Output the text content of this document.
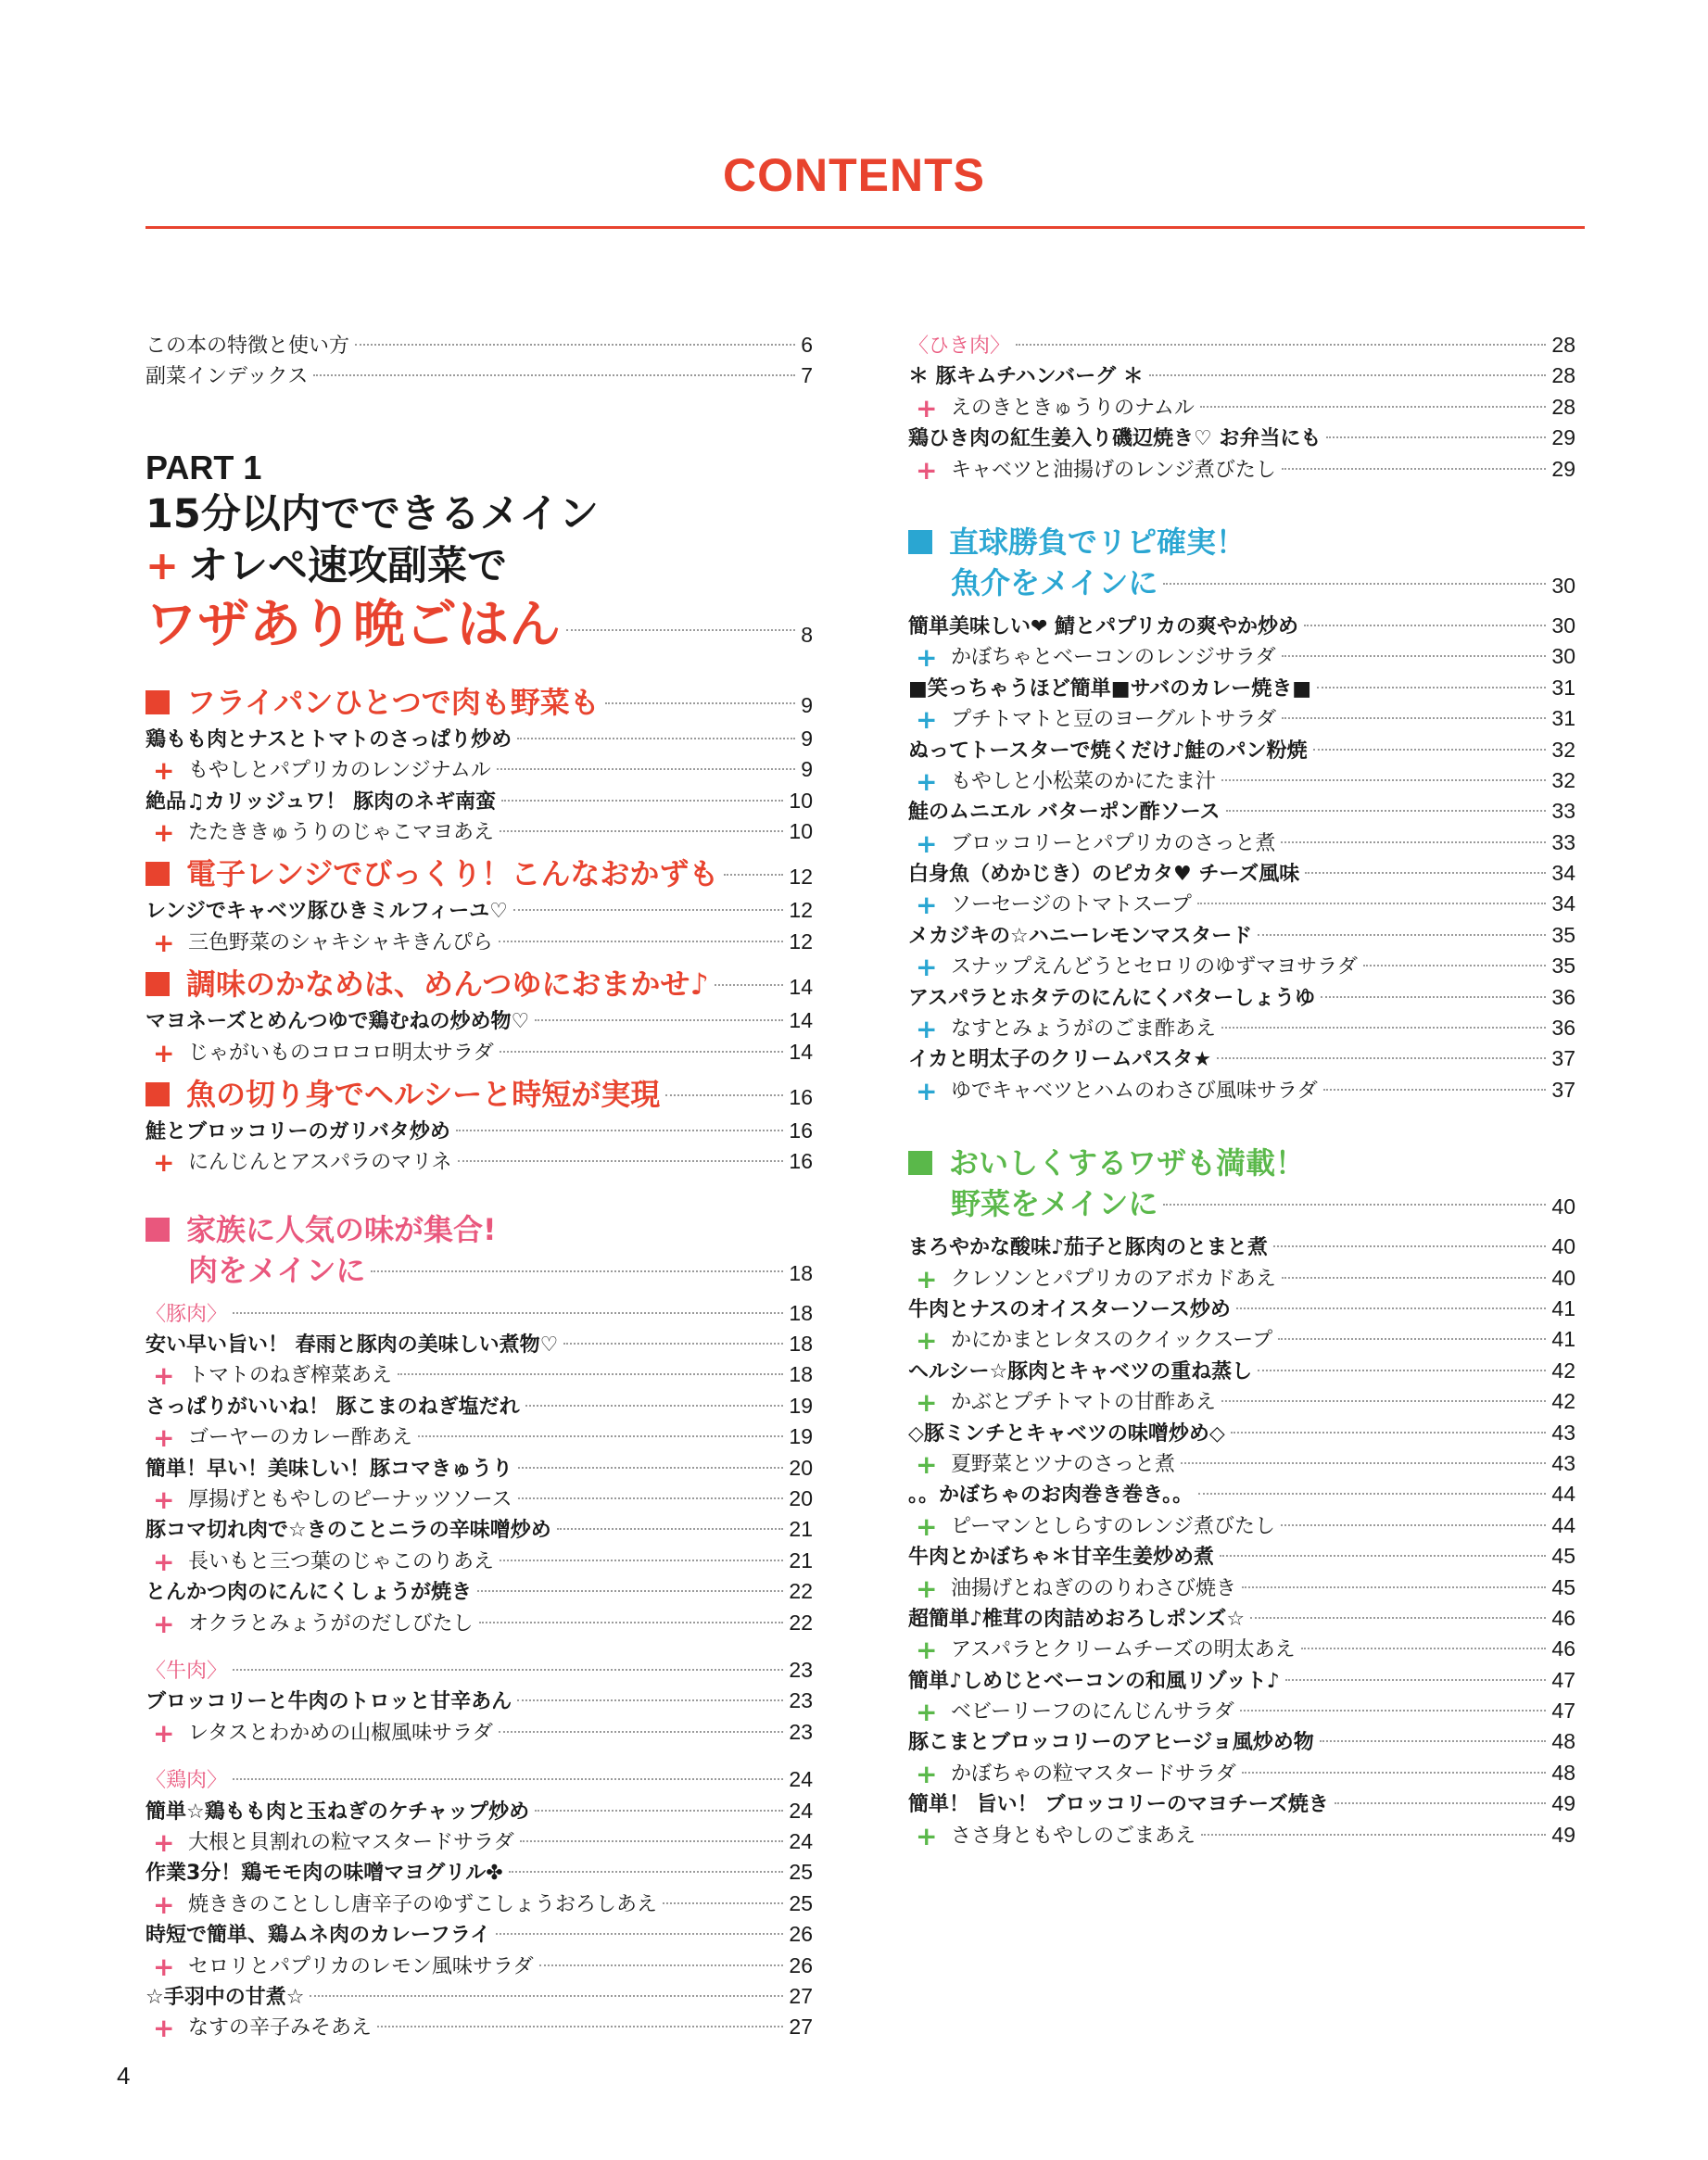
CONTENTS
この本の特徴と使い方	6
副菜インデックス	7
PART 1
15分以内でできるメイン
+ オレペ速攻副菜で
ワザあり晩ごはん	8
フライパンひとつで肉も野菜も	9
鶏もも肉とナスとトマトのさっぱり炒め	9
+ もやしとパプリカのレンジナムル	9
絶品♫カリッジュワ！ 豚肉のネギ南蛮	10
+ たたききゅうりのじゃこマヨあえ	10
電子レンジでびっくり！こんなおかずも	12
レンジでキャベツ豚ひきミルフィーユ♡	12
+ 三色野菜のシャキシャキきんぴら	12
調味のかなめは、めんつゆにおまかせ♪	14
マヨネーズとめんつゆで鶏むねの炒め物♡	14
+ じゃがいものコロコロ明太サラダ	14
魚の切り身でヘルシーと時短が実現	16
鮭とブロッコリーのガリバタ炒め	16
+ にんじんとアスパラのマリネ	16
家族に人気の味が集合!
肉をメインに	18
〈豚肉〉	18
安い早い旨い！ 春雨と豚肉の美味しい煮物♡	18
+ トマトのねぎ榨菜あえ	18
さっぱりがいいね！ 豚こまのねぎ塩だれ	19
+ ゴーヤーのカレー酢あえ	19
簡単！早い！美味しい！豚コマきゅうり	20
+ 厚揚げともやしのピーナッツソース	20
豚コマ切れ肉で☆きのことニラの辛味噌炒め	21
+ 長いもと三つ葉のじゃこのりあえ	21
とんかつ肉のにんにくしょうが焼き	22
+ オクラとみょうがのだしびたし	22
〈牛肉〉	23
ブロッコリーと牛肉のトロッと甘辛あん	23
+ レタスとわかめの山椒風味サラダ	23
〈鶏肉〉	24
簡単☆鶏もも肉と玉ねぎのケチャップ炒め	24
+ 大根と貝割れの粒マスタードサラダ	24
作業3分！鶏モモ肉の味噌マヨグリル✤	25
+ 焼ききのことしし唐辛子のゆずこしょうおろしあえ	25
時短で簡単、鶏ムネ肉のカレーフライ	26
+ セロリとパプリカのレモン風味サラダ	26
☆手羽中の甘煮☆	27
+ なすの辛子みそあえ	27
〈ひき肉〉	28
＊ 豚キムチハンバーグ ＊	28
+ えのきときゅうりのナムル	28
鶏ひき肉の紅生姜入り磯辺焼き♡ お弁当にも	29
+ キャベツと油揚げのレンジ煮びたし	29
直球勝負でリピ確実！
魚介をメインに	30
簡単美味しい❤ 鯖とパプリカの爽やか炒め	30
+ かぼちゃとベーコンのレンジサラダ	30
■笑っちゃうほど簡単■サバのカレー焼き■	31
+ プチトマトと豆のヨーグルトサラダ	31
ぬってトースターで焼くだけ♪鮭のパン粉焼	32
+ もやしと小松菜のかにたま汁	32
鮭のムニエル バターポン酢ソース	33
+ ブロッコリーとパプリカのさっと煮	33
白身魚（めかじき）のピカタ♥ チーズ風味	34
+ ソーセージのトマトスープ	34
メカジキの☆ハニーレモンマスタード	35
+ スナップえんどうとセロリのゆずマヨサラダ	35
アスパラとホタテのにんにくバターしょうゆ	36
+ なすとみょうがのごま酢あえ	36
イカと明太子のクリームパスタ★	37
+ ゆでキャベツとハムのわさび風味サラダ	37
おいしくするワザも満載！
野菜をメインに	40
まろやかな酸味♪茄子と豚肉のとまと煮	40
+ クレソンとパプリカのアボカドあえ	40
牛肉とナスのオイスターソース炒め	41
+ かにかまとレタスのクイックスープ	41
ヘルシー☆豚肉とキャベツの重ね蒸し	42
+ かぶとプチトマトの甘酢あえ	42
◇豚ミンチとキャベツの味噌炒め◇	43
+ 夏野菜とツナのさっと煮	43
。。かぼちゃのお肉巻き巻き。。	44
+ ピーマンとしらすのレンジ煮びたし	44
牛肉とかぼちゃ＊甘辛生姜炒め煮	45
+ 油揚げとねぎののりわさび焼き	45
超簡単♪椎茸の肉詰めおろしポンズ☆	46
+ アスパラとクリームチーズの明太あえ	46
簡単♪しめじとベーコンの和風リゾット♪	47
+ ベビーリーフのにんじんサラダ	47
豚こまとブロッコリーのアヒージョ風炒め物	48
+ かぼちゃの粒マスタードサラダ	48
簡単！ 旨い！ ブロッコリーのマヨチーズ焼き	49
+ ささ身ともやしのごまあえ	49
4
